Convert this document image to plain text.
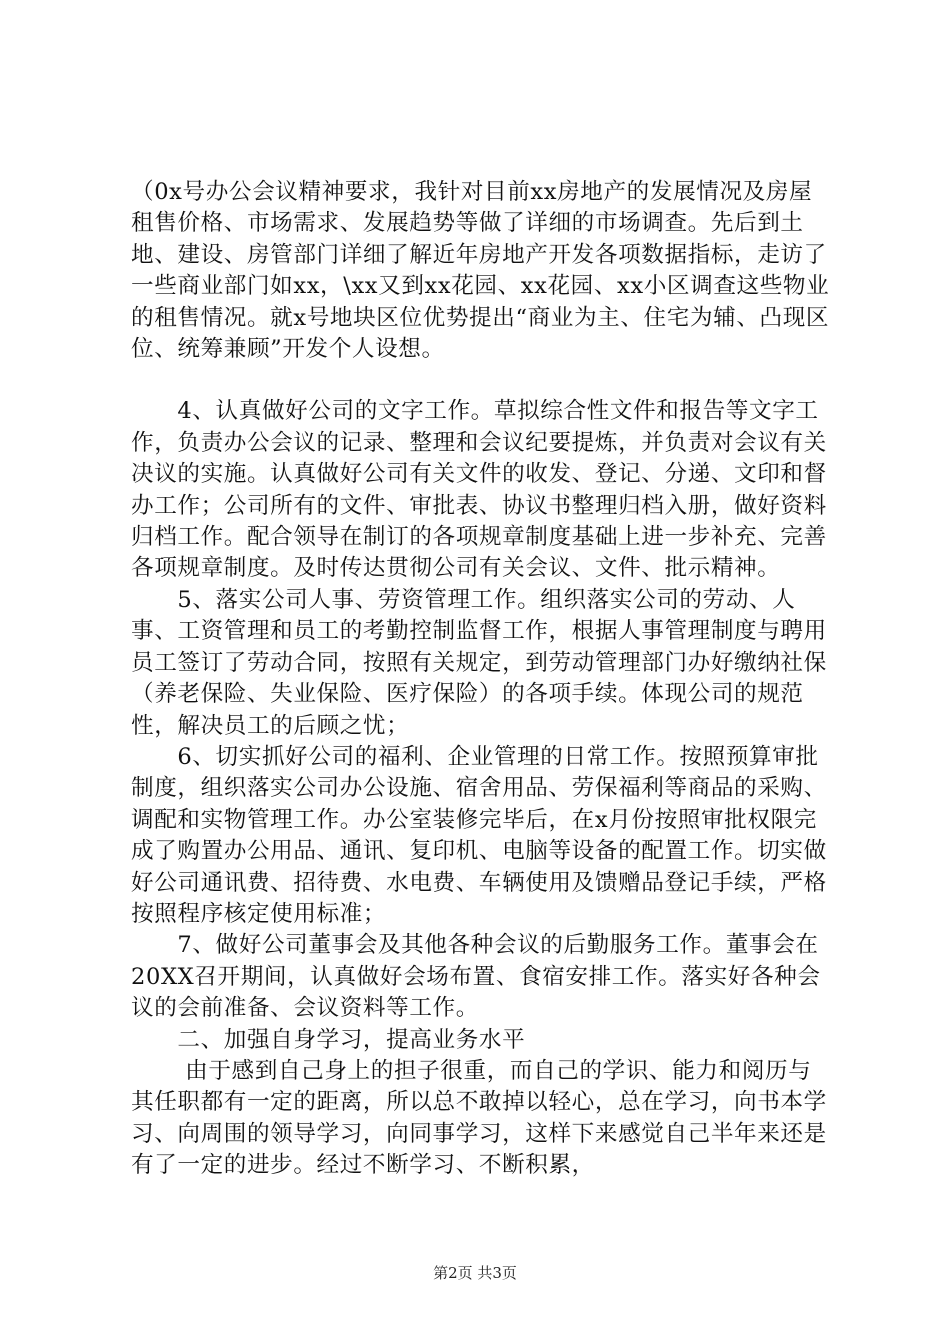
（0x号办公会议精神要求，我针对目前xx房地产的发展情况及房屋租售价格、市场需求、发展趋势等做了详细的市场调查。先后到土地、建设、房管部门详细了解近年房地产开发各项数据指标，走访了一些商业部门如xx，\xx又到xx花园、xx花园、xx小区调查这些物业的租售情况。就x号地块区位优势提出“商业为主、住宅为辅、凸现区位、统筹兼顾”开发个人设想。

　　4、认真做好公司的文字工作。草拟综合性文件和报告等文字工作，负责办公会议的记录、整理和会议纪要提炼，并负责对会议有关决议的实施。认真做好公司有关文件的收发、登记、分递、文印和督办工作；公司所有的文件、审批表、协议书整理归档入册，做好资料归档工作。配合领导在制订的各项规章制度基础上进一步补充、完善各项规章制度。及时传达贯彻公司有关会议、文件、批示精神。

　　5、落实公司人事、劳资管理工作。组织落实公司的劳动、人事、工资管理和员工的考勤控制监督工作，根据人事管理制度与聘用员工签订了劳动合同，按照有关规定，到劳动管理部门办好缴纳社保（养老保险、失业保险、医疗保险）的各项手续。体现公司的规范性，解决员工的后顾之忧；

　　6、切实抓好公司的福利、企业管理的日常工作。按照预算审批制度，组织落实公司办公设施、宿舍用品、劳保福利等商品的采购、调配和实物管理工作。办公室装修完毕后，在x月份按照审批权限完成了购置办公用品、通讯、复印机、电脑等设备的配置工作。切实做好公司通讯费、招待费、水电费、车辆使用及馈赠品登记手续，严格按照程序核定使用标准；

　　7、做好公司董事会及其他各种会议的后勤服务工作。董事会在20XX召开期间，认真做好会场布置、食宿安排工作。落实好各种会议的会前准备、会议资料等工作。

　　二、加强自身学习，提高业务水平

　　 由于感到自己身上的担子很重，而自己的学识、能力和阅历与其任职都有一定的距离，所以总不敢掉以轻心，总在学习，向书本学习、向周围的领导学习，向同事学习，这样下来感觉自己半年来还是有了一定的进步。经过不断学习、不断积累，

第2页 共3页
